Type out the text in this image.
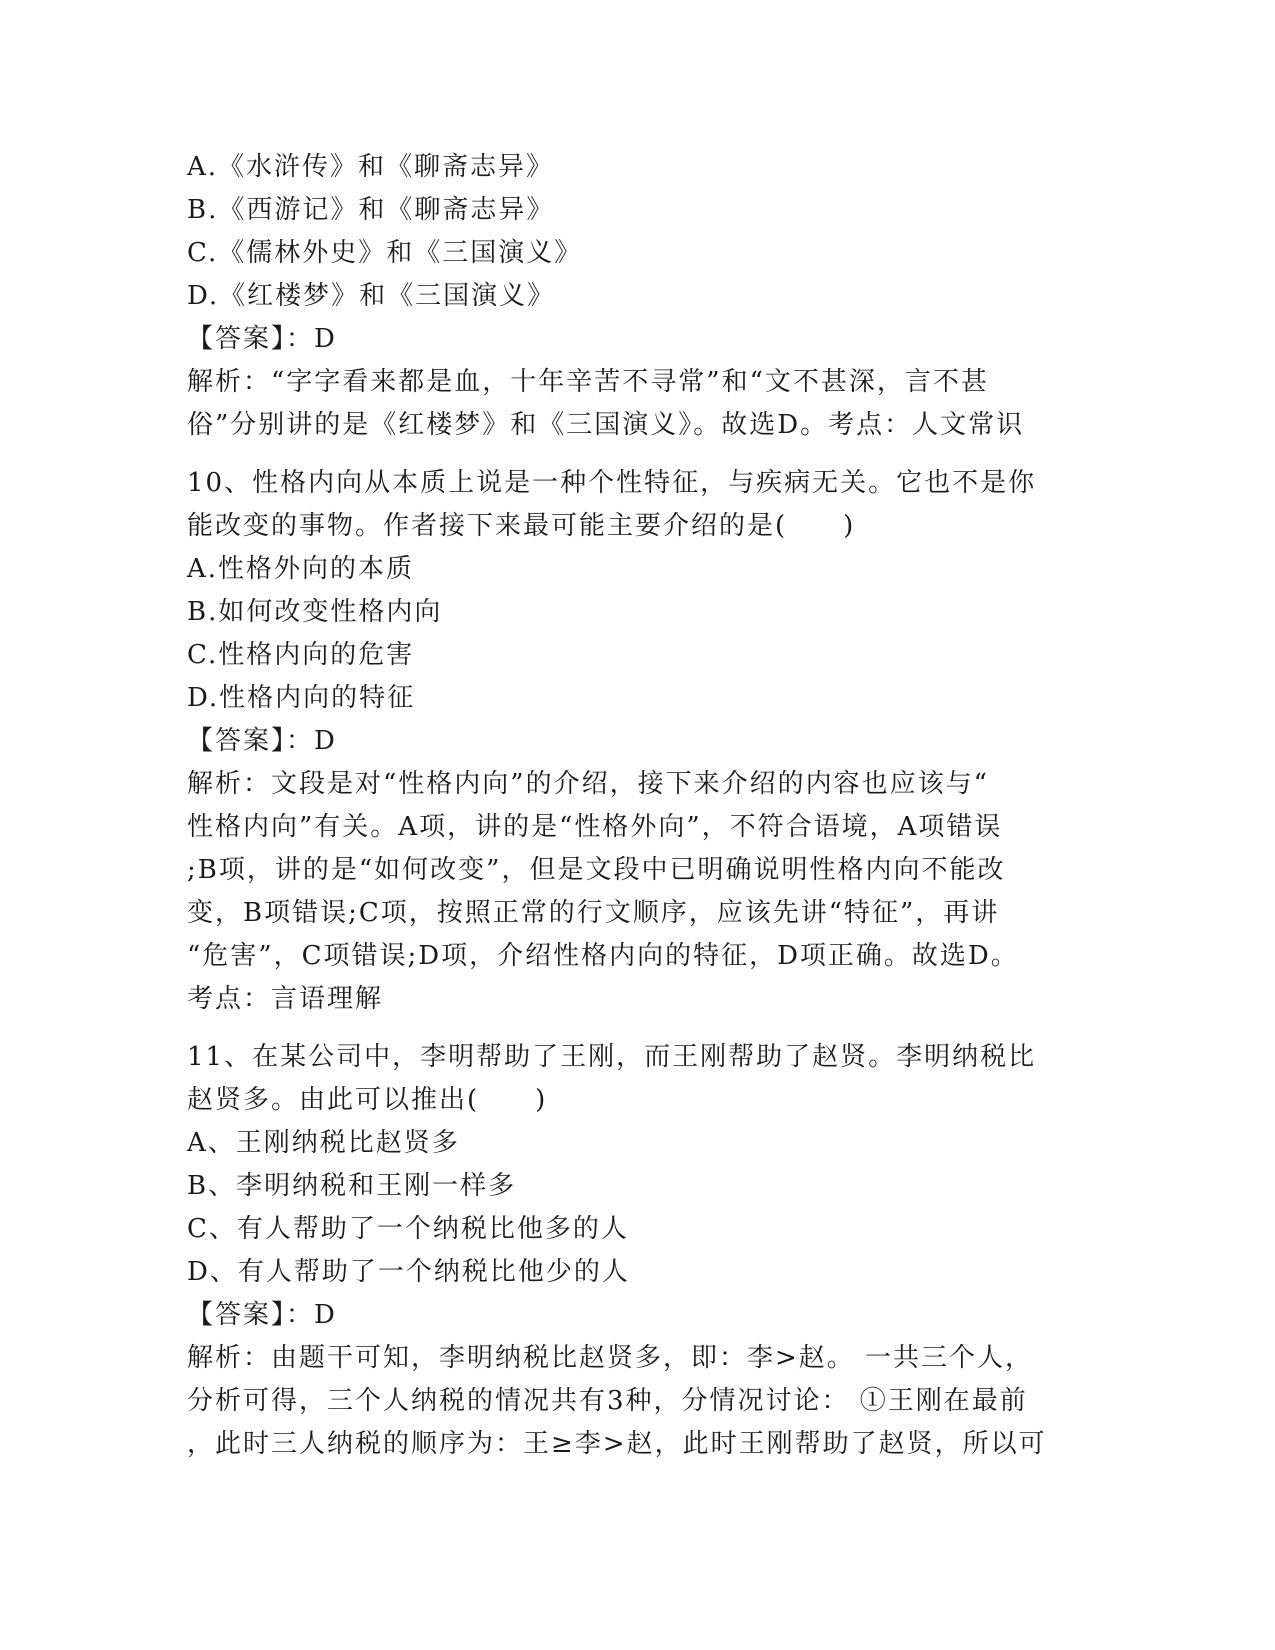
A.《水浒传》和《聊斋志异》
B.《西游记》和《聊斋志异》
C.《儒林外史》和《三国演义》
D.《红楼梦》和《三国演义》
【答案】：D
解析：“字字看来都是血，十年辛苦不寻常”和“文不甚深，言不甚
俗”分别讲的是《红楼梦》和《三国演义》。故选D。考点：人文常识
10、性格内向从本质上说是一种个性特征，与疾病无关。它也不是你
能改变的事物。作者接下来最可能主要介绍的是(　　)
A.性格外向的本质
B.如何改变性格内向
C.性格内向的危害
D.性格内向的特征
【答案】：D
解析：文段是对“性格内向”的介绍，接下来介绍的内容也应该与“
性格内向”有关。A项，讲的是“性格外向”，不符合语境，A项错误
;B项，讲的是“如何改变”，但是文段中已明确说明性格内向不能改
变，B项错误;C项，按照正常的行文顺序，应该先讲“特征”，再讲
“危害”，C项错误;D项，介绍性格内向的特征，D项正确。故选D。
考点：言语理解
11、在某公司中，李明帮助了王刚，而王刚帮助了赵贤。李明纳税比
赵贤多。由此可以推出(　　)
A、王刚纳税比赵贤多
B、李明纳税和王刚一样多
C、有人帮助了一个纳税比他多的人
D、有人帮助了一个纳税比他少的人
【答案】：D
解析：由题干可知，李明纳税比赵贤多，即：李>赵。 一共三个人，
分析可得，三个人纳税的情况共有3种，分情况讨论： ①王刚在最前
，此时三人纳税的顺序为：王≥李>赵，此时王刚帮助了赵贤，所以可
